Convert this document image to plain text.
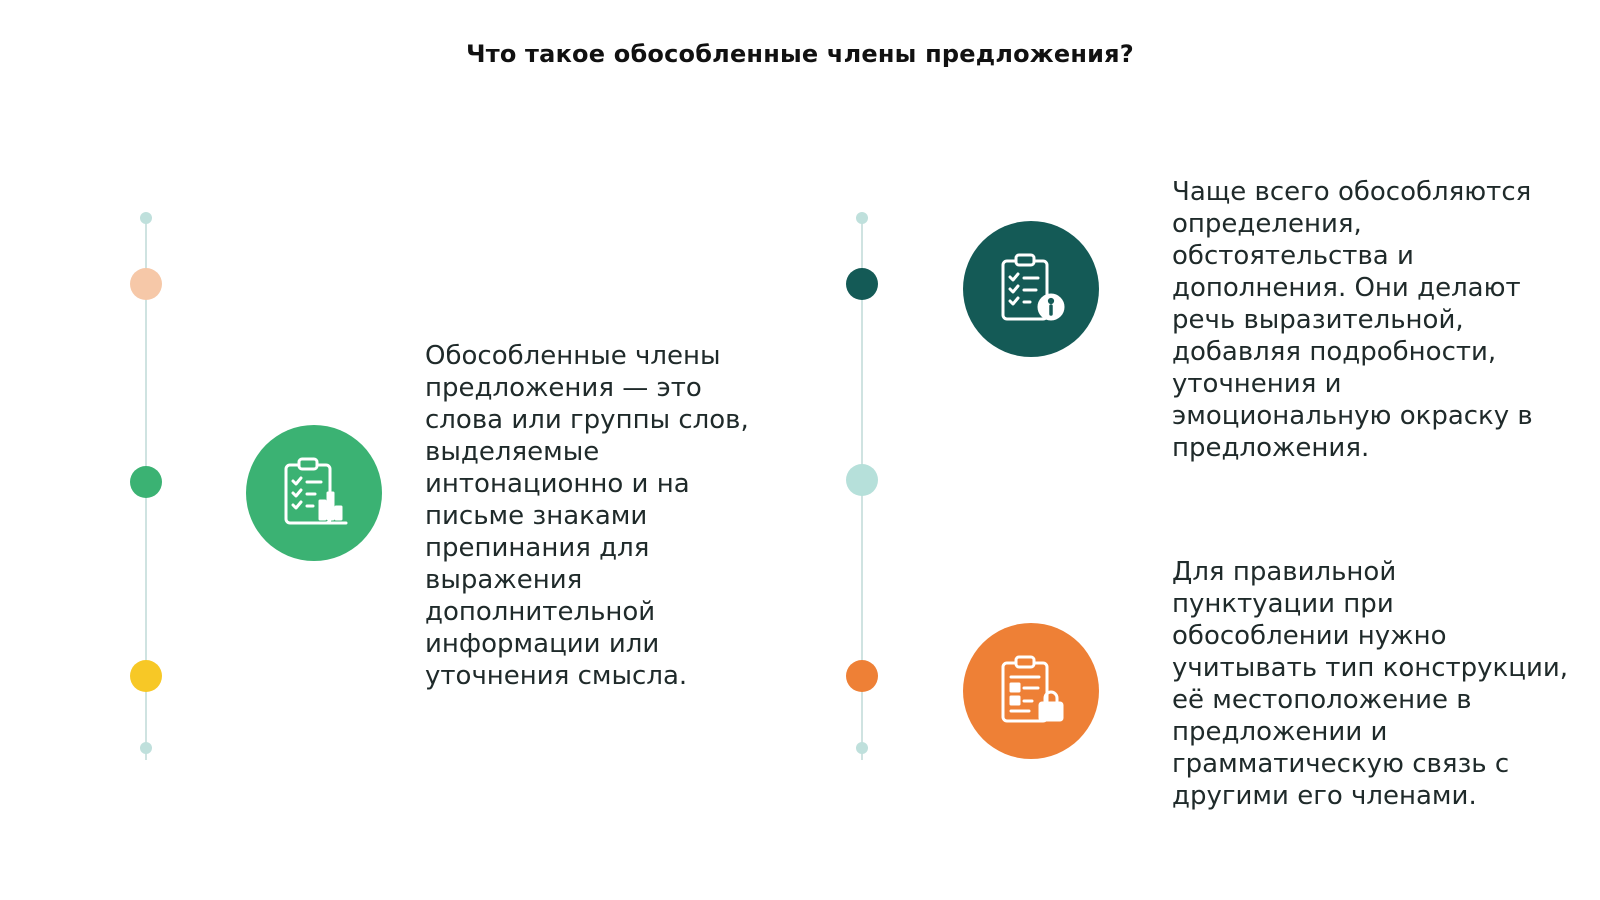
Что такое обособленные члены предложения?
Обособленные члены
предложения — это
слова или группы слов,
выделяемые
интонационно и на
письме знаками
препинания для
выражения
дополнительной
информации или
уточнения смысла.
Чаще всего обособляются
определения,
обстоятельства и
дополнения. Они делают
речь выразительной,
добавляя подробности,
уточнения и
эмоциональную окраску в
предложения.
Для правильной
пунктуации при
обособлении нужно
учитывать тип конструкции,
её местоположение в
предложении и
грамматическую связь с
другими его членами.
